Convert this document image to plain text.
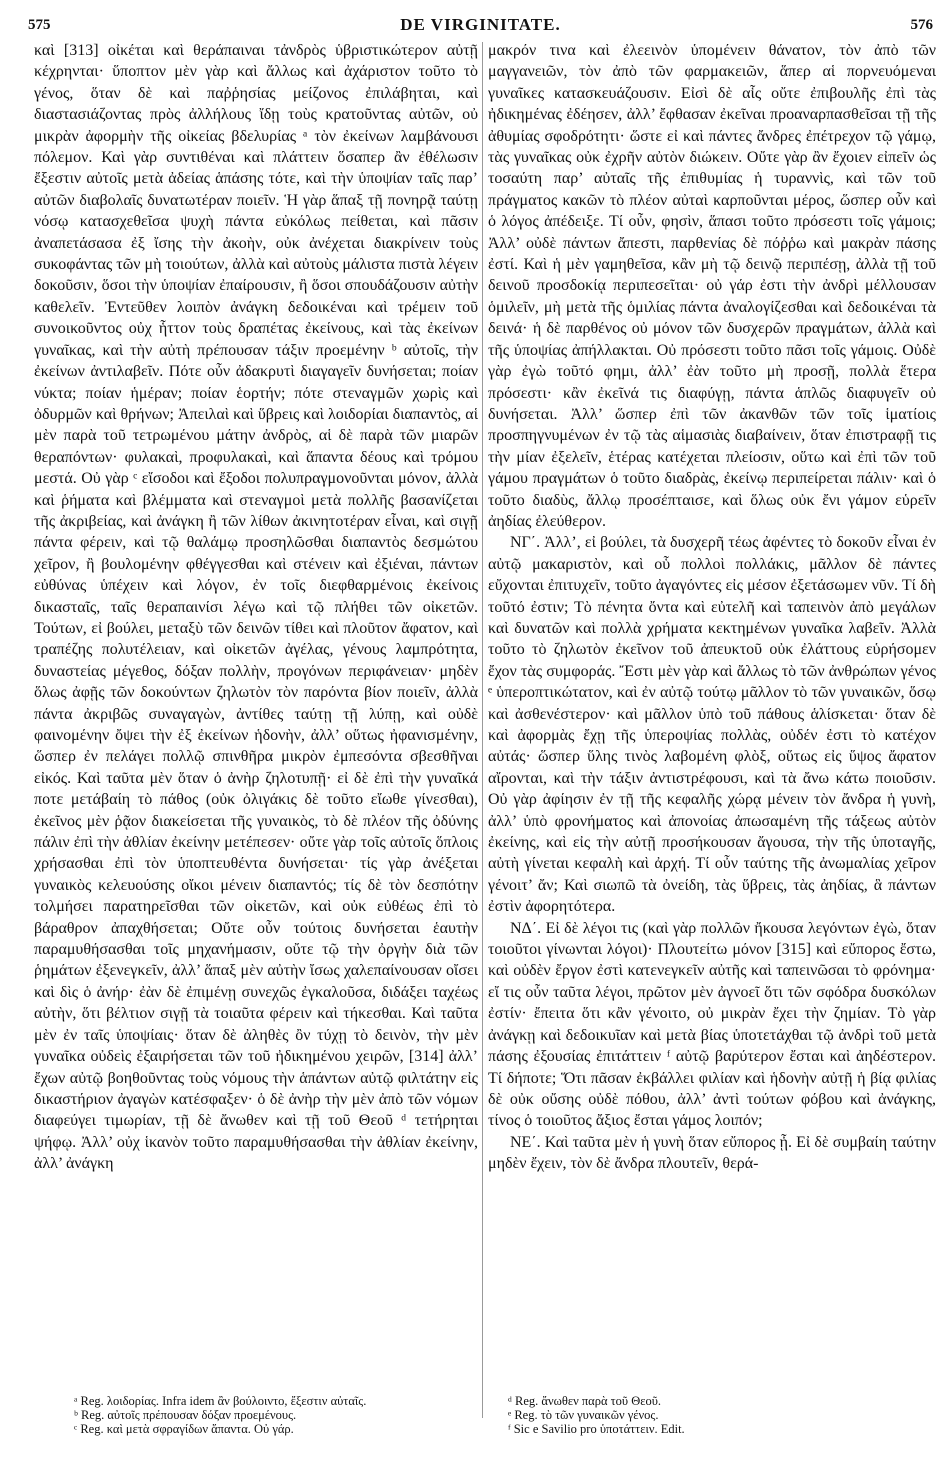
575	DE VIRGINITATE.	576

καὶ [313] οἰκέται καὶ θεράπαιναι τἀνδρὸς ὑβριστικώτερον αὐτῇ κέχρηνται· ὕποπτον μὲν γὰρ καὶ ἄλλως καὶ ἀχάριστον τοῦτο τὸ γένος, ὅταν δὲ καὶ παῤῥησίας μείζονος ἐπιλάβηται, καὶ διαστασιάζοντας πρὸς ἀλλήλους ἴδῃ τοὺς κρατοῦντας αὐτῶν, οὐ μικρὰν ἀφορμὴν τῆς οἰκείας βδελυρίας ᵃ τὸν ἐκείνων λαμβάνουσι πόλεμον. Καὶ γὰρ συντιθέναι καὶ πλάττειν ὅσαπερ ἂν ἐθέλωσιν ἔξεστιν αὐτοῖς μετὰ ἀδείας ἁπάσης τότε, καὶ τὴν ὑποψίαν ταῖς παρ’ αὐτῶν διαβολαῖς δυνατωτέραν ποιεῖν. Ἡ γὰρ ἅπαξ τῇ πονηρᾷ ταύτῃ νόσῳ κατασχεθεῖσα ψυχὴ πάντα εὐκόλως πείθεται, καὶ πᾶσιν ἀναπετάσασα ἐξ ἴσης τὴν ἀκοὴν, οὐκ ἀνέχεται διακρίνειν τοὺς συκοφάντας τῶν μὴ τοιούτων, ἀλλὰ καὶ αὐτοὺς μάλιστα πιστὰ λέγειν δοκοῦσιν, ὅσοι τὴν ὑποψίαν ἐπαίρουσιν, ἢ ὅσοι σπουδάζουσιν αὐτὴν καθελεῖν. Ἐντεῦθεν λοιπὸν ἀνάγκη δεδοικέναι καὶ τρέμειν τοῦ συνοικοῦντος οὐχ ἧττον τοὺς δραπέτας ἐκείνους, καὶ τὰς ἐκείνων γυναῖκας, καὶ τὴν αὐτὴ πρέπουσαν τάξιν προεμένην ᵇ αὐτοῖς, τὴν ἐκείνων ἀντιλαβεῖν. Πότε οὖν ἀδακρυτὶ διαγαγεῖν δυνήσεται; ποίαν νύκτα; ποίαν ἡμέραν; ποίαν ἑορτήν; πότε στεναγμῶν χωρὶς καὶ ὀδυρμῶν καὶ θρήνων; Ἀπειλαὶ καὶ ὕβρεις καὶ λοιδορίαι διαπαντὸς, αἱ μὲν παρὰ τοῦ τετρωμένου μάτην ἀνδρὸς, αἱ δὲ παρὰ τῶν μιαρῶν θεραπόντων· φυλακαὶ, προφυλακαὶ, καὶ ἅπαντα δέους καὶ τρόμου μεστά. Οὐ γὰρ ᶜ εἴσοδοι καὶ ἔξοδοι πολυπραγμονοῦνται μόνον, ἀλλὰ καὶ ῥήματα καὶ βλέμματα καὶ στεναγμοὶ μετὰ πολλῆς βασανίζεται τῆς ἀκριβείας, καὶ ἀνάγκη ἢ τῶν λίθων ἀκινητοτέραν εἶναι, καὶ σιγῇ πάντα φέρειν, καὶ τῷ θαλάμῳ προσηλῶσθαι διαπαντὸς δεσμώτου χεῖρον, ἢ βουλομένην φθέγγεσθαι καὶ στένειν καὶ ἐξιέναι, πάντων εὐθύνας ὑπέχειν καὶ λόγον, ἐν τοῖς διεφθαρμένοις ἐκείνοις δικασταῖς, ταῖς θεραπαινίσι λέγω καὶ τῷ πλήθει τῶν οἰκετῶν. Τούτων, εἰ βούλει, μεταξὺ τῶν δεινῶν τίθει καὶ πλοῦτον ἄφατον, καὶ τραπέζης πολυτέλειαν, καὶ οἰκετῶν ἀγέλας, γένους λαμπρότητα, δυναστείας μέγεθος, δόξαν πολλὴν, προγόνων περιφάνειαν· μηδὲν ὅλως ἀφῇς τῶν δοκούντων ζηλωτὸν τὸν παρόντα βίον ποιεῖν, ἀλλὰ πάντα ἀκριβῶς συναγαγὼν, ἀντίθες ταύτῃ τῇ λύπῃ, καὶ οὐδὲ φαινομένην ὄψει τὴν ἐξ ἐκείνων ἡδονὴν, ἀλλ’ οὕτως ἠφανισμένην, ὥσπερ ἐν πελάγει πολλῷ σπινθῆρα μικρὸν ἐμπεσόντα σβεσθῆναι εἰκός. Καὶ ταῦτα μὲν ὅταν ὁ ἀνὴρ ζηλοτυπῇ· εἰ δὲ ἐπὶ τὴν γυναῖκά ποτε μετάβαίη τὸ πάθος (οὐκ ὀλιγάκις δὲ τοῦτο εἴωθε γίνεσθαι), ἐκεῖνος μὲν ῥᾷον διακείσεται τῆς γυναικὸς, τὸ δὲ πλέον τῆς ὀδύνης πάλιν ἐπὶ τὴν ἀθλίαν ἐκείνην μετέπεσεν· οὔτε γὰρ τοῖς αὐτοῖς ὅπλοις χρήσασθαι ἐπὶ τὸν ὑποπτευθέντα δυνήσεται· τίς γὰρ ἀνέξεται γυναικὸς κελευούσης οἴκοι μένειν διαπαντός; τίς δὲ τὸν δεσπότην τολμήσει παρατηρεῖσθαι τῶν οἰκετῶν, καὶ οὐκ εὐθέως ἐπὶ τὸ βάραθρον ἀπαχθήσεται; Οὔτε οὖν τούτοις δυνήσεται ἑαυτὴν παραμυθήσασθαι τοῖς μηχανήμασιν, οὔτε τῷ τὴν ὀργὴν διὰ τῶν ῥημάτων ἐξενεγκεῖν, ἀλλ’ ἅπαξ μὲν αὐτὴν ἴσως χαλεπαίνουσαν οἴσει καὶ δὶς ὁ ἀνήρ· ἐὰν δὲ ἐπιμένῃ συνεχῶς ἐγκαλοῦσα, διδάξει ταχέως αὐτὴν, ὅτι βέλτιον σιγῇ τὰ τοιαῦτα φέρειν καὶ τήκεσθαι. Καὶ ταῦτα μὲν ἐν ταῖς ὑποψίαις· ὅταν δὲ ἀληθὲς ὂν τύχῃ τὸ δεινὸν, τὴν μὲν γυναῖκα οὐδεὶς ἐξαιρήσεται τῶν τοῦ ἠδικημένου χειρῶν, [314] ἀλλ’ ἔχων αὐτῷ βοηθοῦντας τοὺς νόμους τὴν ἁπάντων αὐτῷ φιλτάτην εἰς δικαστήριον ἀγαγὼν κατέσφαξεν· ὁ δὲ ἀνὴρ τὴν μὲν ἀπὸ τῶν νόμων διαφεύγει τιμωρίαν, τῇ δὲ ἄνωθεν καὶ τῇ τοῦ Θεοῦ ᵈ τετήρηται ψήφῳ. Ἀλλ’ οὐχ ἱκανὸν τοῦτο παραμυθήσασθαι τὴν ἀθλίαν ἐκείνην, ἀλλ’ ἀνάγκη

μακρόν τινα καὶ ἐλεεινὸν ὑπομένειν θάνατον, τὸν ἀπὸ τῶν μαγγανειῶν, τὸν ἀπὸ τῶν φαρμακειῶν, ἅπερ αἱ πορνευόμεναι γυναῖκες κατασκευάζουσιν. Εἰσὶ δὲ αἷς οὔτε ἐπιβουλῆς ἐπὶ τὰς ἠδικημένας ἐδέησεν, ἀλλ’ ἔφθασαν ἐκεῖναι προαναρπασθεῖσαι τῇ τῆς ἀθυμίας σφοδρότητι· ὥστε εἰ καὶ πάντες ἄνδρες ἐπέτρεχον τῷ γάμῳ, τὰς γυναῖκας οὐκ ἐχρῆν αὐτὸν διώκειν. Οὔτε γὰρ ἂν ἔχοιεν εἰπεῖν ὡς τοσαύτη παρ’ αὐταῖς τῆς ἐπιθυμίας ἡ τυραννὶς, καὶ τῶν τοῦ πράγματος κακῶν τὸ πλέον αὐταὶ καρποῦνται μέρος, ὥσπερ οὖν καὶ ὁ λόγος ἀπέδειξε. Τί οὖν, φησὶν, ἅπασι τοῦτο πρόσεστι τοῖς γάμοις; Ἀλλ’ οὐδὲ πάντων ἄπεστι, παρθενίας δὲ πόῤῥω καὶ μακρὰν πάσης ἐστί. Καὶ ἡ μὲν γαμηθεῖσα, κἂν μὴ τῷ δεινῷ περιπέσῃ, ἀλλὰ τῇ τοῦ δεινοῦ προσδοκίᾳ περιπεσεῖται· οὐ γάρ ἐστι τὴν ἀνδρὶ μέλλουσαν ὁμιλεῖν, μὴ μετὰ τῆς ὁμιλίας πάντα ἀναλογίζεσθαι καὶ δεδοικέναι τὰ δεινά· ἡ δὲ παρθένος οὐ μόνον τῶν δυσχερῶν πραγμάτων, ἀλλὰ καὶ τῆς ὑποψίας ἀπήλλακται. Οὐ πρόσεστι τοῦτο πᾶσι τοῖς γάμοις. Οὐδὲ γὰρ ἐγὼ τοῦτό φημι, ἀλλ’ ἐὰν τοῦτο μὴ προσῇ, πολλὰ ἕτερα πρόσεστι· κἂν ἐκεῖνά τις διαφύγῃ, πάντα ἁπλῶς διαφυγεῖν οὐ δυνήσεται. Ἀλλ’ ὥσπερ ἐπὶ τῶν ἀκανθῶν τῶν τοῖς ἱματίοις προσπηγνυμένων ἐν τῷ τὰς αἱμασιὰς διαβαίνειν, ὅταν ἐπιστραφῇ τις τὴν μίαν ἐξελεῖν, ἑτέρας κατέχεται πλείοσιν, οὕτω καὶ ἐπὶ τῶν τοῦ γάμου πραγμάτων ὁ τοῦτο διαδρὰς, ἐκείνῳ περιπείρεται πάλιν· καὶ ὁ τοῦτο διαδὺς, ἄλλῳ προσέπταισε, καὶ ὅλως οὐκ ἔνι γάμον εὑρεῖν ἀηδίας ἐλεύθερον.

ΝΓ΄. Ἀλλ’, εἰ βούλει, τὰ δυσχερῆ τέως ἀφέντες τὸ δοκοῦν εἶναι ἐν αὐτῷ μακαριστὸν, καὶ οὗ πολλοὶ πολλάκις, μᾶλλον δὲ πάντες εὔχονται ἐπιτυχεῖν, τοῦτο ἀγαγόντες εἰς μέσον ἐξετάσωμεν νῦν. Τί δὴ τοῦτό ἐστιν; Τὸ πένητα ὄντα καὶ εὐτελῆ καὶ ταπεινὸν ἀπὸ μεγάλων καὶ δυνατῶν καὶ πολλὰ χρήματα κεκτημένων γυναῖκα λαβεῖν. Ἀλλὰ τοῦτο τὸ ζηλωτὸν ἐκεῖνον τοῦ ἀπευκτοῦ οὐκ ἐλάττους εὑρήσομεν ἔχον τὰς συμφοράς. Ἔστι μὲν γὰρ καὶ ἄλλως τὸ τῶν ἀνθρώπων γένος ᵉ ὑπεροπτικώτατον, καὶ ἐν αὐτῷ τούτῳ μᾶλλον τὸ τῶν γυναικῶν, ὅσῳ καὶ ἀσθενέστερον· καὶ μᾶλλον ὑπὸ τοῦ πάθους ἁλίσκεται· ὅταν δὲ καὶ ἀφορμὰς ἔχῃ τῆς ὑπεροψίας πολλὰς, οὐδέν ἐστι τὸ κατέχον αὐτάς· ὥσπερ ὕλης τινὸς λαβομένη φλὸξ, οὕτως εἰς ὕψος ἄφατον αἴρονται, καὶ τὴν τάξιν ἀντιστρέφουσι, καὶ τὰ ἄνω κάτω ποιοῦσιν. Οὐ γὰρ ἀφίησιν ἐν τῇ τῆς κεφαλῆς χώρᾳ μένειν τὸν ἄνδρα ἡ γυνὴ, ἀλλ’ ὑπὸ φρονήματος καὶ ἀπονοίας ἀπωσαμένη τῆς τάξεως αὐτὸν ἐκείνης, καὶ εἰς τὴν αὐτῇ προσήκουσαν ἄγουσα, τὴν τῆς ὑποταγῆς, αὐτὴ γίνεται κεφαλὴ καὶ ἀρχή. Τί οὖν ταύτης τῆς ἀνωμαλίας χεῖρον γένοιτ’ ἄν; Καὶ σιωπῶ τὰ ὀνείδη, τὰς ὕβρεις, τὰς ἀηδίας, ἃ πάντων ἐστὶν ἀφορητότερα.

ΝΔ΄. Εἰ δὲ λέγοι τις (καὶ γὰρ πολλῶν ἤκουσα λεγόντων ἐγὼ, ὅταν τοιοῦτοι γίνωνται λόγοι)· Πλουτείτω μόνον [315] καὶ εὔπορος ἔστω, καὶ οὐδὲν ἔργον ἐστὶ κατενεγκεῖν αὐτῆς καὶ ταπεινῶσαι τὸ φρόνημα· εἴ τις οὖν ταῦτα λέγοι, πρῶτον μὲν ἀγνοεῖ ὅτι τῶν σφόδρα δυσκόλων ἐστίν· ἔπειτα ὅτι κἂν γένοιτο, οὐ μικρὰν ἔχει τὴν ζημίαν. Τὸ γὰρ ἀνάγκῃ καὶ δεδοικυῖαν καὶ μετὰ βίας ὑποτετάχθαι τῷ ἀνδρὶ τοῦ μετὰ πάσης ἐξουσίας ἐπιτάττειν ᶠ αὐτῷ βαρύτερον ἔσται καὶ ἀηδέστερον. Τί δήποτε; Ὅτι πᾶσαν ἐκβάλλει φιλίαν καὶ ἡδονὴν αὐτῇ ἡ βίᾳ φιλίας δὲ οὐκ οὔσης οὐδὲ πόθου, ἀλλ’ ἀντὶ τούτων φόβου καὶ ἀνάγκης, τίνος ὁ τοιοῦτος ἄξιος ἔσται γάμος λοιπόν;

ΝΕ΄. Καὶ ταῦτα μὲν ἡ γυνὴ ὅταν εὔπορος ᾖ. Εἰ δὲ συμβαίη ταύτην μηδὲν ἔχειν, τὸν δὲ ἄνδρα πλουτεῖν, θερά-

ᵃ Reg. λοιδορίας. Infra idem ἂν βούλοιντο, ἔξεστιν αὐταῖς.
ᵇ Reg. αὐτοῖς πρέπουσαν δόξαν προεμένους.
ᶜ Reg. καὶ μετὰ σφραγίδων ἅπαντα. Οὐ γάρ.
ᵈ Reg. ἄνωθεν παρὰ τοῦ Θεοῦ.
ᵉ Reg. τὸ τῶν γυναικῶν γένος.
ᶠ Sic e Savilio pro ὑποτάττειν. Edit.
